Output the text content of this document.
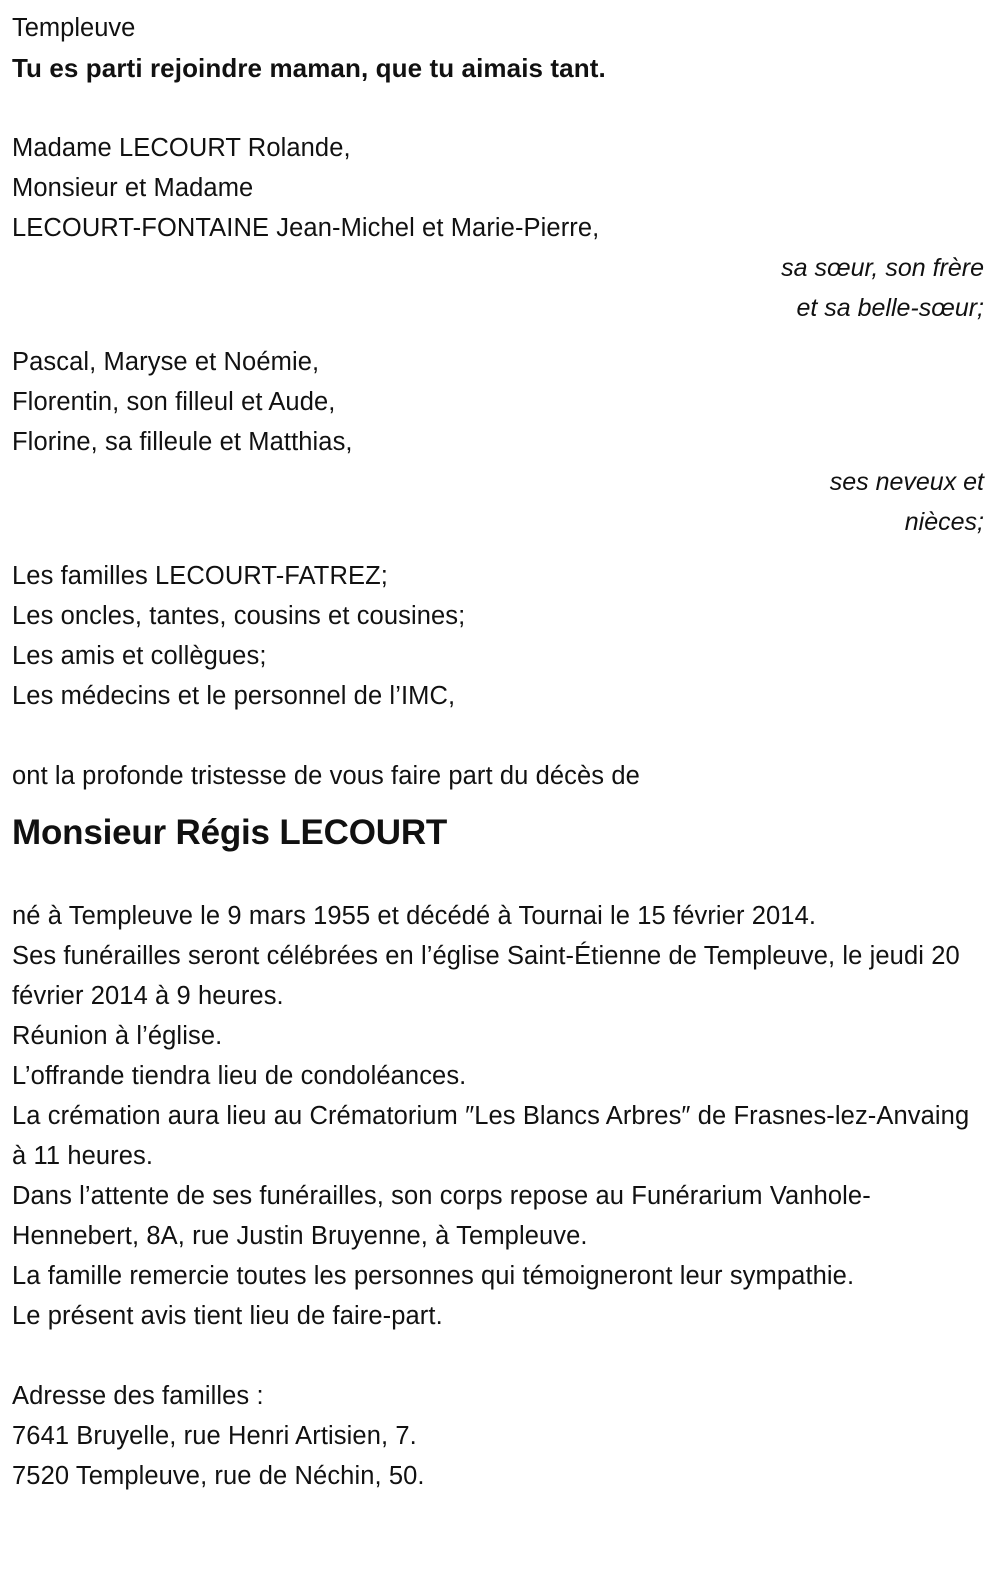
Templeuve
Tu es parti rejoindre maman, que tu aimais tant.
Madame LECOURT Rolande,
Monsieur et Madame
LECOURT-FONTAINE Jean-Michel et Marie-Pierre,
sa sœur, son frère
et sa belle-sœur;
Pascal, Maryse et Noémie,
Florentin, son filleul et Aude,
Florine, sa filleule et Matthias,
ses neveux et
nièces;
Les familles LECOURT-FATREZ;
Les oncles, tantes, cousins et cousines;
Les amis et collègues;
Les médecins et le personnel de l’IMC,
ont la profonde tristesse de vous faire part du décès de
Monsieur Régis LECOURT

né à Templeuve le 9 mars 1955 et décédé à Tournai le 15 février 2014.

Ses funérailles seront célébrées en l’église Saint-Étienne de Templeuve, le jeudi 20 février 2014 à 9 heures.

Réunion à l’église.

L’offrande tiendra lieu de condoléances.

La crémation aura lieu au Crématorium ″Les Blancs Arbres″ de Frasnes-lez-Anvaing à 11 heures.

Dans l’attente de ses funérailles, son corps repose au Funérarium Vanhole-Hennebert, 8A, rue Justin Bruyenne, à Templeuve.

La famille remercie toutes les personnes qui témoigneront leur sympathie.

Le présent avis tient lieu de faire-part.

Adresse des familles :
7641 Bruyelle, rue Henri Artisien, 7.
7520 Templeuve, rue de Néchin, 50.
